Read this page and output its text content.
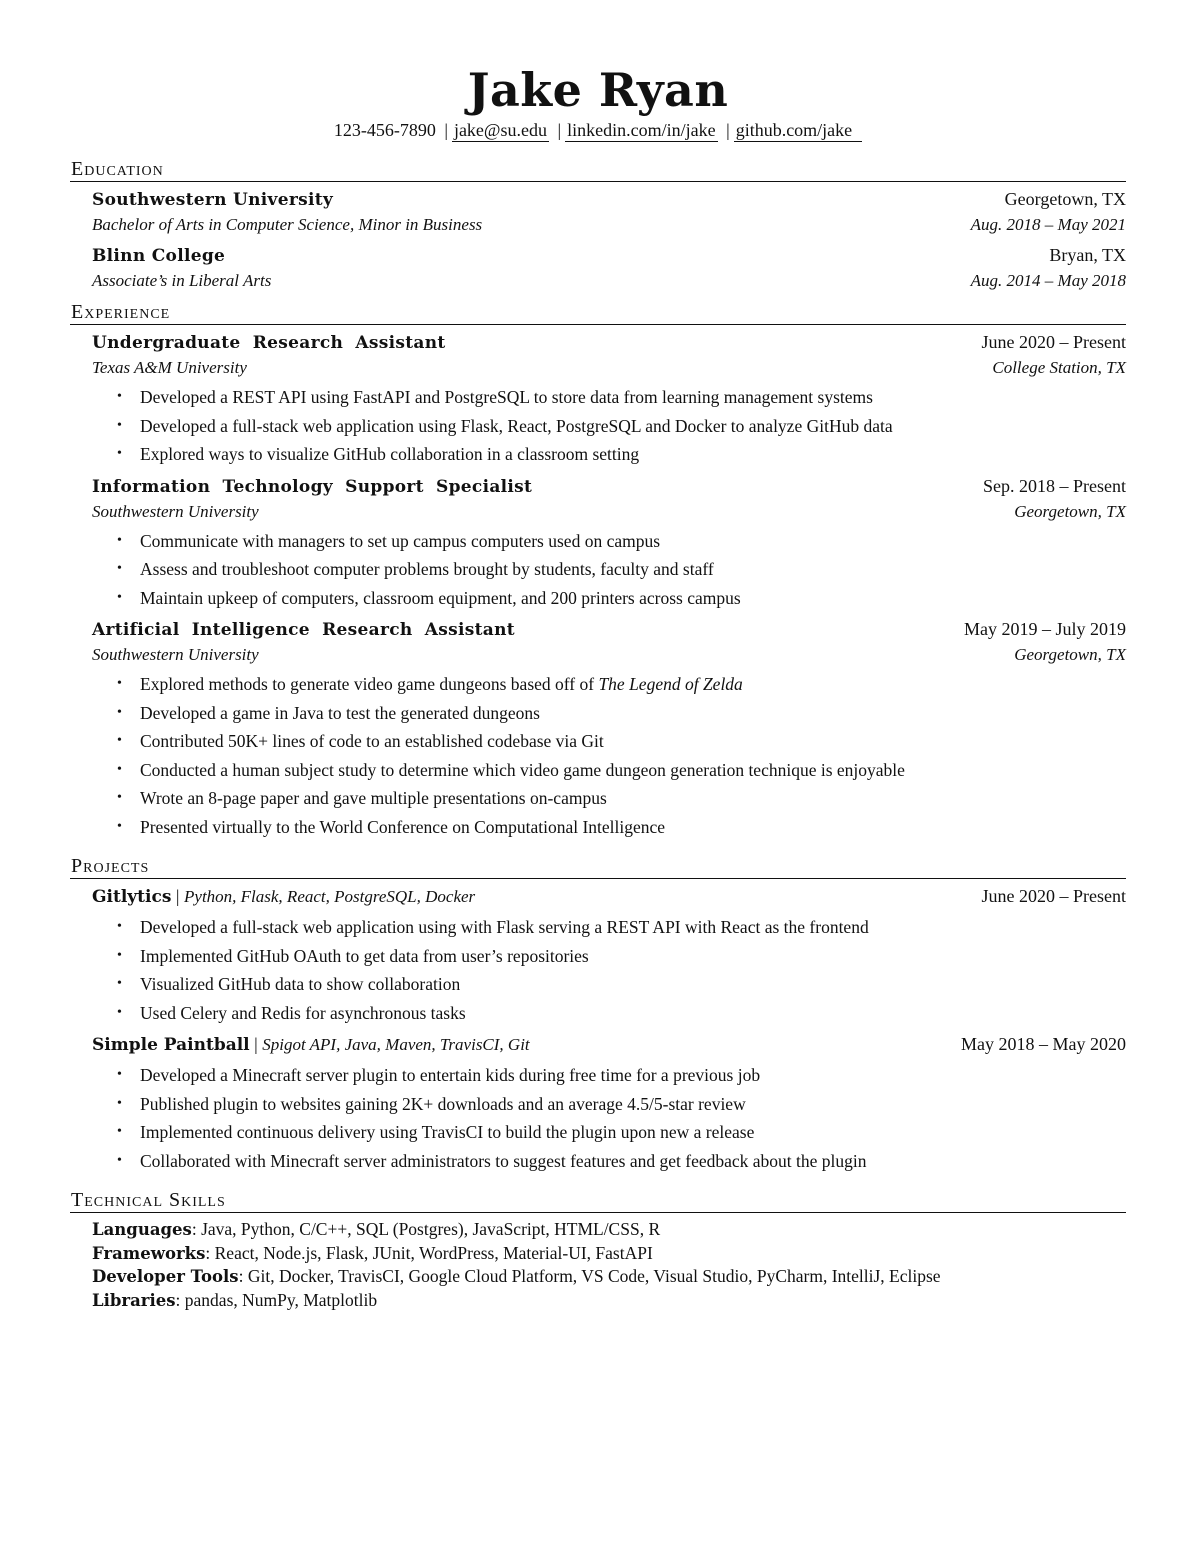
Jake Ryan
123-456-7890 | jake@su.edu | linkedin.com/in/jake | github.com/jake
Education
Southwestern University	Georgetown, TX
Bachelor of Arts in Computer Science, Minor in Business	Aug. 2018 – May 2021
Blinn College	Bryan, TX
Associate’s in Liberal Arts	Aug. 2014 – May 2018
Experience
Undergraduate Research Assistant	June 2020 – Present
Texas A&M University	College Station, TX
• Developed a REST API using FastAPI and PostgreSQL to store data from learning management systems
• Developed a full-stack web application using Flask, React, PostgreSQL and Docker to analyze GitHub data
• Explored ways to visualize GitHub collaboration in a classroom setting
Information Technology Support Specialist	Sep. 2018 – Present
Southwestern University	Georgetown, TX
• Communicate with managers to set up campus computers used on campus
• Assess and troubleshoot computer problems brought by students, faculty and staff
• Maintain upkeep of computers, classroom equipment, and 200 printers across campus
Artificial Intelligence Research Assistant	May 2019 – July 2019
Southwestern University	Georgetown, TX
• Explored methods to generate video game dungeons based off of The Legend of Zelda
• Developed a game in Java to test the generated dungeons
• Contributed 50K+ lines of code to an established codebase via Git
• Conducted a human subject study to determine which video game dungeon generation technique is enjoyable
• Wrote an 8-page paper and gave multiple presentations on-campus
• Presented virtually to the World Conference on Computational Intelligence
Projects
Gitlytics | Python, Flask, React, PostgreSQL, Docker	June 2020 – Present
• Developed a full-stack web application using with Flask serving a REST API with React as the frontend
• Implemented GitHub OAuth to get data from user’s repositories
• Visualized GitHub data to show collaboration
• Used Celery and Redis for asynchronous tasks
Simple Paintball | Spigot API, Java, Maven, TravisCI, Git	May 2018 – May 2020
• Developed a Minecraft server plugin to entertain kids during free time for a previous job
• Published plugin to websites gaining 2K+ downloads and an average 4.5/5-star review
• Implemented continuous delivery using TravisCI to build the plugin upon new a release
• Collaborated with Minecraft server administrators to suggest features and get feedback about the plugin
Technical Skills
Languages: Java, Python, C/C++, SQL (Postgres), JavaScript, HTML/CSS, R
Frameworks: React, Node.js, Flask, JUnit, WordPress, Material-UI, FastAPI
Developer Tools: Git, Docker, TravisCI, Google Cloud Platform, VS Code, Visual Studio, PyCharm, IntelliJ, Eclipse
Libraries: pandas, NumPy, Matplotlib
